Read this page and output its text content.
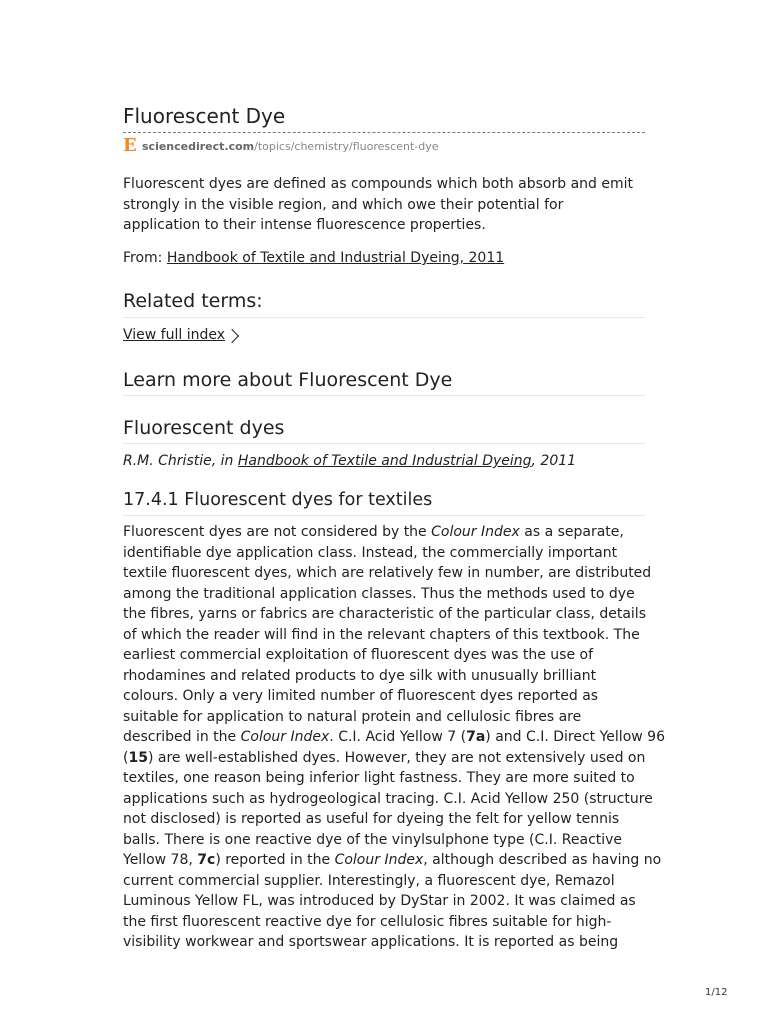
Fluorescent Dye
E sciencedirect.com /topics/chemistry/fluorescent-dye

Fluorescent dyes are defined as compounds which both absorb and emit strongly in the visible region, and which owe their potential for application to their intense fluorescence properties.

From: Handbook of Textile and Industrial Dyeing, 2011
Related terms:
View full index
Learn more about Fluorescent Dye
Fluorescent dyes
R.M. Christie, in Handbook of Textile and Industrial Dyeing, 2011
17.4.1 Fluorescent dyes for textiles
Fluorescent dyes are not considered by the Colour Index as a separate,
identifiable dye application class. Instead, the commercially important
textile fluorescent dyes, which are relatively few in number, are distributed
among the traditional application classes. Thus the methods used to dye
the fibres, yarns or fabrics are characteristic of the particular class, details
of which the reader will find in the relevant chapters of this textbook. The
earliest commercial exploitation of fluorescent dyes was the use of
rhodamines and related products to dye silk with unusually brilliant
colours. Only a very limited number of fluorescent dyes reported as
suitable for application to natural protein and cellulosic fibres are
described in the Colour Index. C.I. Acid Yellow 7 (7a) and C.I. Direct Yellow 96
(15) are well-established dyes. However, they are not extensively used on
textiles, one reason being inferior light fastness. They are more suited to
applications such as hydrogeological tracing. C.I. Acid Yellow 250 (structure
not disclosed) is reported as useful for dyeing the felt for yellow tennis
balls. There is one reactive dye of the vinylsulphone type (C.I. Reactive
Yellow 78, 7c) reported in the Colour Index, although described as having no
current commercial supplier. Interestingly, a fluorescent dye, Remazol
Luminous Yellow FL, was introduced by DyStar in 2002. It was claimed as
the first fluorescent reactive dye for cellulosic fibres suitable for high-
visibility workwear and sportswear applications. It is reported as being
1/12
